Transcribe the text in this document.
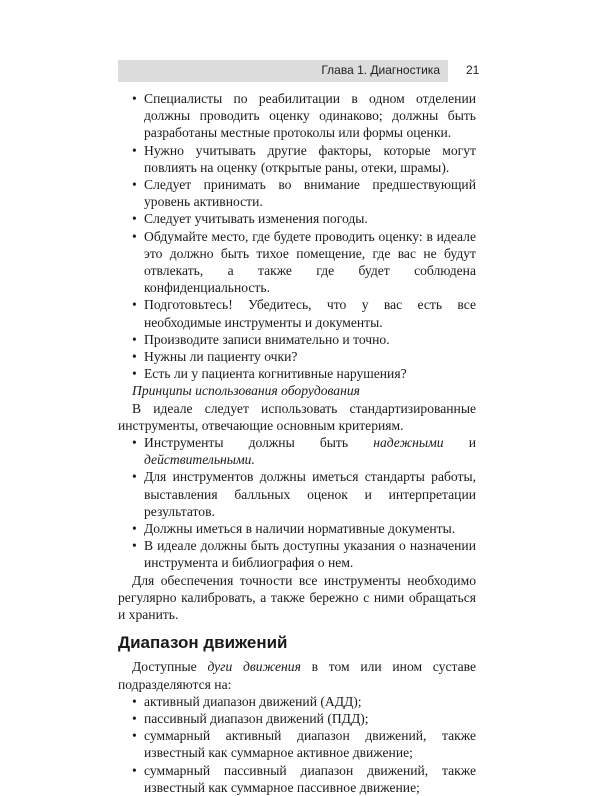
Глава 1. Диагностика 21
• Специалисты по реабилитации в одном отделении должны проводить оценку одинаково; должны быть разработаны местные протоколы или формы оценки.
• Нужно учитывать другие факторы, которые могут повлиять на оценку (открытые раны, отеки, шрамы).
• Следует принимать во внимание предшествующий уровень активности.
• Следует учитывать изменения погоды.
• Обдумайте место, где будете проводить оценку: в идеале это должно быть тихое помещение, где вас не будут отвлекать, а также где будет соблюдена конфиденциальность.
• Подготовьтесь! Убедитесь, что у вас есть все необходимые инструменты и документы.
• Производите записи внимательно и точно.
• Нужны ли пациенту очки?
• Есть ли у пациента когнитивные нарушения?
Принципы использования оборудования
В идеале следует использовать стандартизированные инструменты, отвечающие основным критериям.
• Инструменты должны быть надежными и действительными.
• Для инструментов должны иметься стандарты работы, выставления балльных оценок и интерпретации результатов.
• Должны иметься в наличии нормативные документы.
• В идеале должны быть доступны указания о назначении инструмента и библиография о нем.
Для обеспечения точности все инструменты необходимо регулярно калибровать, а также бережно с ними обращаться и хранить.
Диапазон движений
Доступные дуги движения в том или ином суставе подразделяются на:
• активный диапазон движений (АДД);
• пассивный диапазон движений (ПДД);
• суммарный активный диапазон движений, также известный как суммарное активное движение;
• суммарный пассивный диапазон движений, также известный как суммарное пассивное движение;
